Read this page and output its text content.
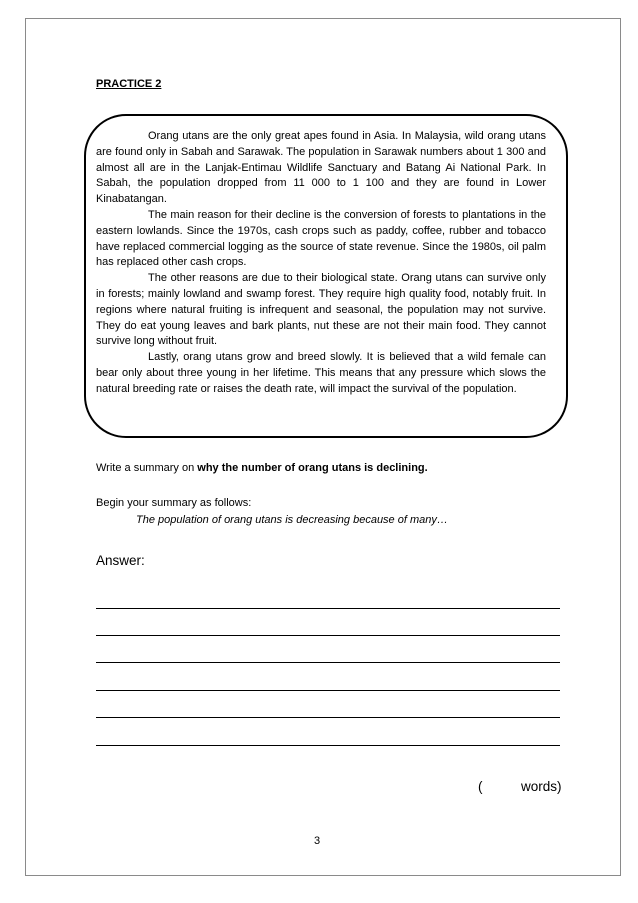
PRACTICE 2

Orang utans are the only great apes found in Asia. In Malaysia, wild orang utans are found only in Sabah and Sarawak. The population in Sarawak numbers about 1 300 and almost all are in the Lanjak-Entimau Wildlife Sanctuary and Batang Ai National Park. In Sabah, the population dropped from 11 000 to 1 100 and they are found in Lower Kinabatangan.

The main reason for their decline is the conversion of forests to plantations in the eastern lowlands. Since the 1970s, cash crops such as paddy, coffee, rubber and tobacco have replaced commercial logging as the source of state revenue. Since the 1980s, oil palm has replaced other cash crops.

The other reasons are due to their biological state. Orang utans can survive only in forests; mainly lowland and swamp forest. They require high quality food, notably fruit. In regions where natural fruiting is infrequent and seasonal, the population may not survive. They do eat young leaves and bark plants, nut these are not their main food. They cannot survive long without fruit.

Lastly, orang utans grow and breed slowly. It is believed that a wild female can bear only about three young in her lifetime. This means that any pressure which slows the natural breeding rate or raises the death rate, will impact the survival of the population.

Write a summary on why the number of orang utans is declining.
Begin your summary as follows:
The population of orang utans is decreasing because of many…
Answer:
(	words)
3
